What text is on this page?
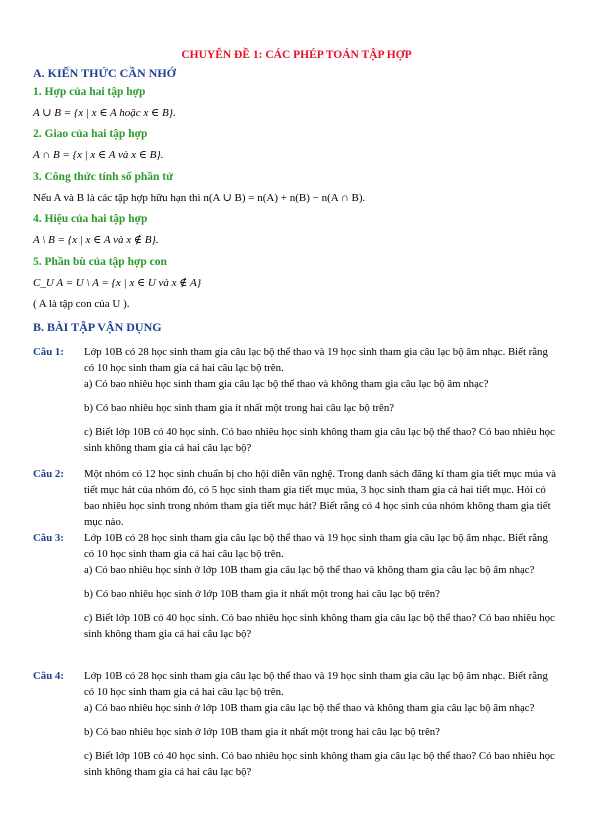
CHUYÊN ĐỀ 1: CÁC PHÉP TOÁN TẬP HỢP
A. KIẾN THỨC CẦN NHỚ
1. Hợp của hai tập hợp
A ∪ B = {x | x ∈ A hoặc x ∈ B}.
2. Giao của hai tập hợp
A ∩ B = {x | x ∈ A và x ∈ B}.
3. Công thức tính số phần tử
Nếu A và B là các tập hợp hữu hạn thì n(A ∪ B) = n(A) + n(B) − n(A ∩ B).
4. Hiệu của hai tập hợp
A \ B = {x | x ∈ A và x ∉ B}.
5. Phần bù của tập hợp con
C_U A = U \ A = {x | x ∈ U và x ∉ A}
( A là tập con của U ).
B. BÀI TẬP VẬN DỤNG
Câu 1: Lớp 10B có 28 học sinh tham gia câu lạc bộ thể thao và 19 học sinh tham gia câu lạc bộ âm nhạc. Biết rằng có 10 học sinh tham gia cả hai câu lạc bộ trên.

a) Có bao nhiêu học sinh tham gia câu lạc bộ thể thao và không tham gia câu lạc bộ âm nhạc?

b) Có bao nhiêu học sinh tham gia ít nhất một trong hai câu lạc bộ trên?

c) Biết lớp 10B có 40 học sinh. Có bao nhiêu học sinh không tham gia câu lạc bộ thể thao? Có bao nhiêu học sinh không tham gia cả hai câu lạc bộ?

Câu 2: Một nhóm có 12 học sinh chuẩn bị cho hội diễn văn nghệ. Trong danh sách đăng kí tham gia tiết mục múa và tiết mục hát của nhóm đó, có 5 học sinh tham gia tiết mục múa, 3 học sinh tham gia cả hai tiết mục. Hỏi có bao nhiêu học sinh trong nhóm tham gia tiết mục hát? Biết rằng có 4 học sinh của nhóm không tham gia tiết mục nào.

Câu 3: Lớp 10B có 28 học sinh tham gia câu lạc bộ thể thao và 19 học sinh tham gia câu lạc bộ âm nhạc. Biết rằng có 10 học sinh tham gia cả hai câu lạc bộ trên.

a) Có bao nhiêu học sinh ở lớp 10B tham gia câu lạc bộ thể thao và không tham gia câu lạc bộ âm nhạc?

b) Có bao nhiêu học sinh ở lớp 10B tham gia ít nhất một trong hai câu lạc bộ trên?

c) Biết lớp 10B có 40 học sinh. Có bao nhiêu học sinh không tham gia câu lạc bộ thể thao? Có bao nhiêu học sinh không tham gia cả hai câu lạc bộ?

Câu 4: Lớp 10B có 28 học sinh tham gia câu lạc bộ thể thao và 19 học sinh tham gia câu lạc bộ âm nhạc. Biết rằng có 10 học sinh tham gia cả hai câu lạc bộ trên.

a) Có bao nhiêu học sinh ở lớp 10B tham gia câu lạc bộ thể thao và không tham gia câu lạc bộ âm nhạc?

b) Có bao nhiêu học sinh ở lớp 10B tham gia ít nhất một trong hai câu lạc bộ trên?

c) Biết lớp 10B có 40 học sinh. Có bao nhiêu học sinh không tham gia câu lạc bộ thể thao? Có bao nhiêu học sinh không tham gia cả hai câu lạc bộ?
